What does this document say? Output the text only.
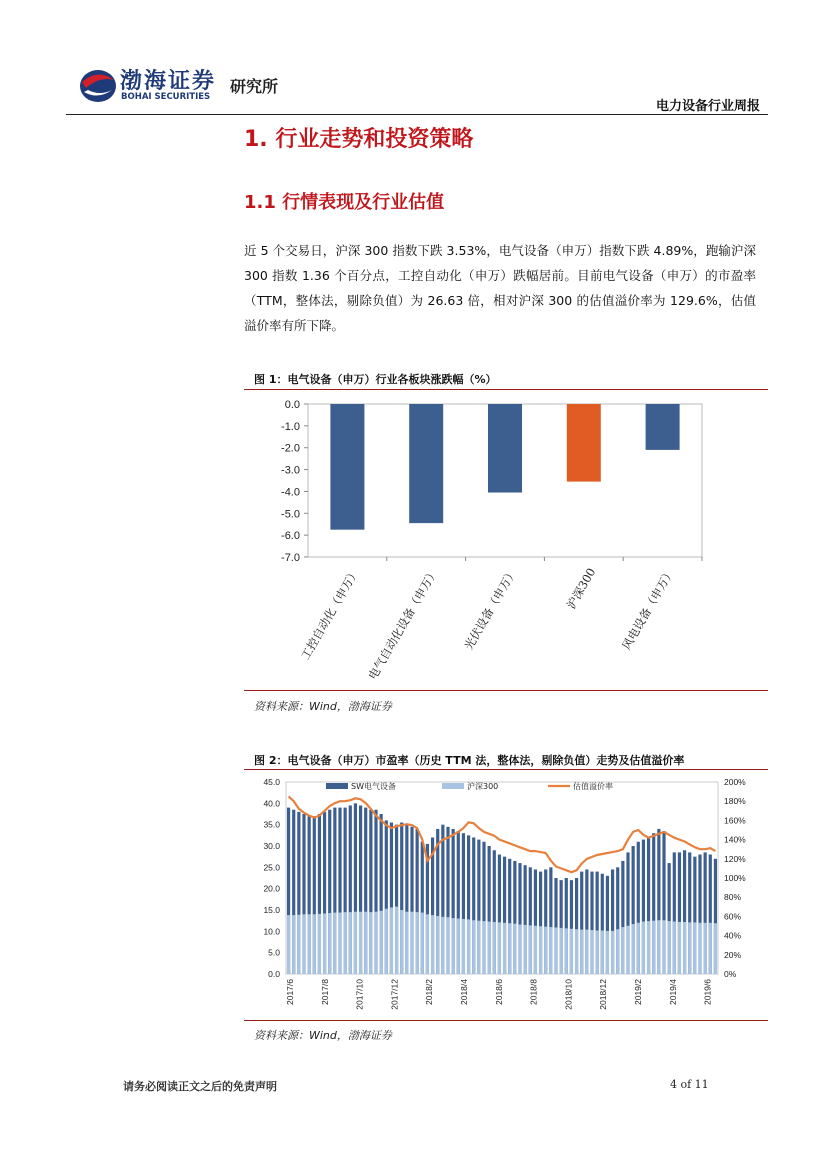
渤海证券
BOHAI SECURITIES
研究所
电力设备行业周报
1. 行业走势和投资策略
1.1 行情表现及行业估值

近 5 个交易日，沪深 300 指数下跌 3.53%，电气设备（申万）指数下跌 4.89%，跑输沪深 300 指数 1.36 个百分点，工控自动化（申万）跌幅居前。目前电气设备（申万）的市盈率（TTM，整体法，剔除负值）为 26.63 倍，相对沪深 300 的估值溢价率为 129.6%，估值溢价率有所下降。

图 1：电气设备（申万）行业各板块涨跌幅（%）
0.0
-1.0
-2.0
-3.0
-4.0
-5.0
-6.0
-7.0
工控自动化（申万） 电气自动化设备（申万） 光伏设备（申万）	沪深300 风电设备（申万）
资料来源：Wind，渤海证券
图 2：电气设备（申万）市盈率（历史 TTM 法，整体法，剔除负值）走势及估值溢价率
0.0
5.0
10.0
15.0
20.0
25.0
30.0
35.0
40.0
45.0
0%
20%
40%
60%
80%
100%
120%
140%
160%
180%
200%
2017/6	2017/8	2017/10	2017/12	2018/2	2018/4	2018/6	2018/8	2018/10	2018/12	2019/2	2019/4	2019/6
SW电气设备	沪深300	估值溢价率
资料来源：Wind，渤海证券
请务必阅读正文之后的免责声明	4 of 11
